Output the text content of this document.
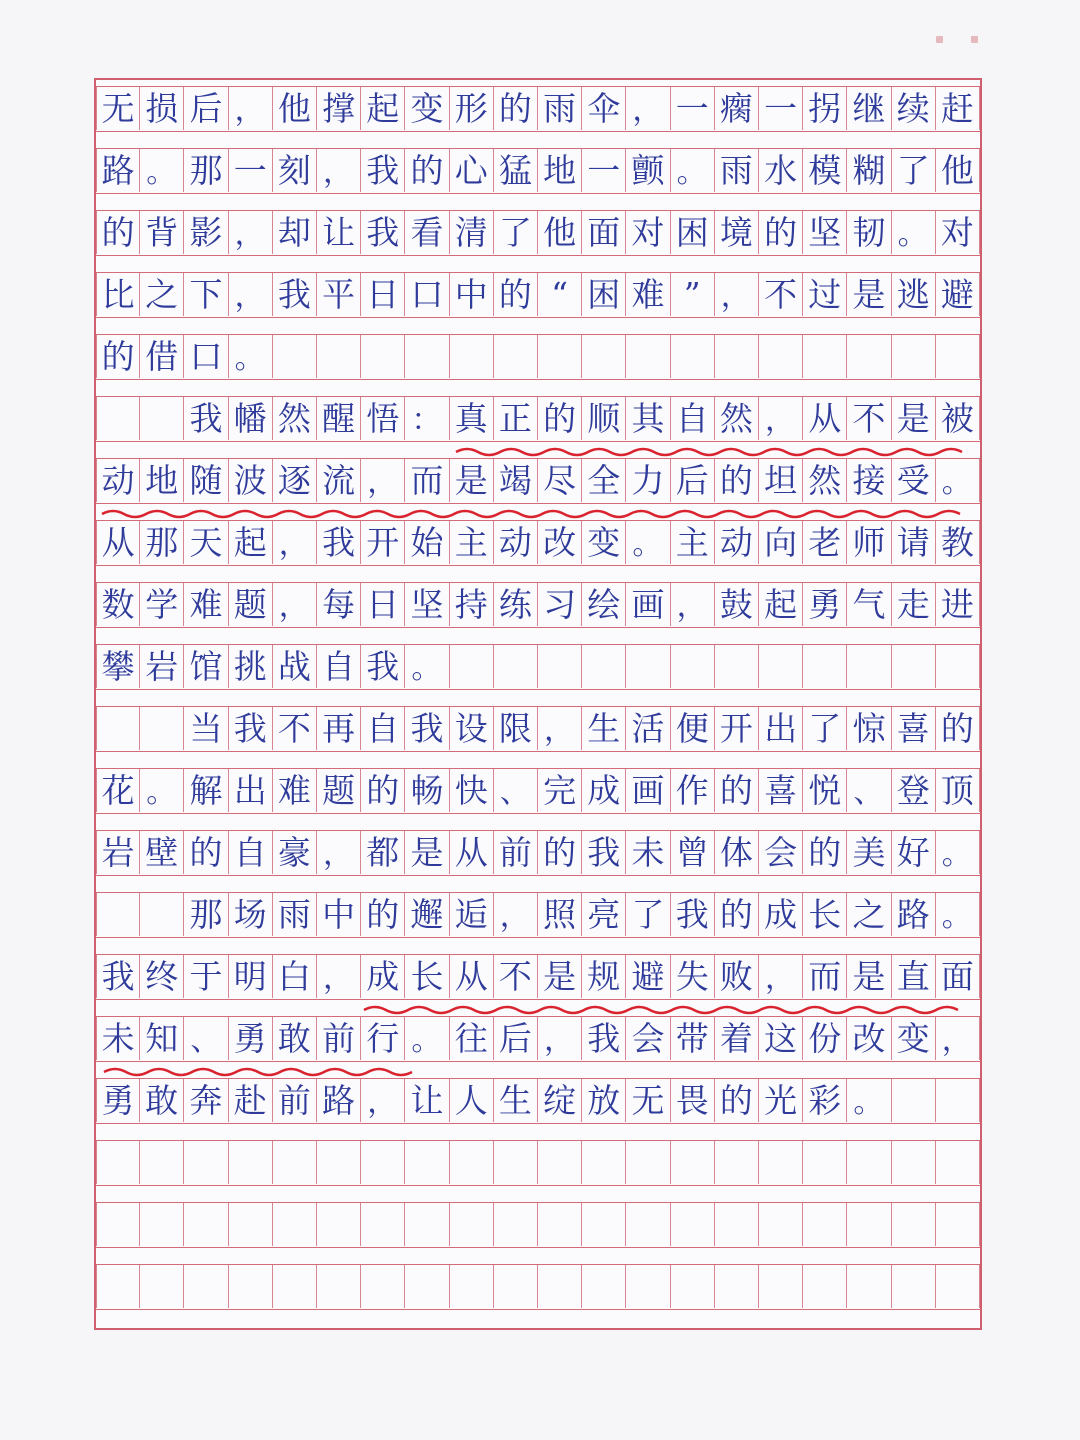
无 损 后 ， 他 撑 起 变 形 的 雨 伞 ， 一 瘸 一 拐 继 续 赶
路 。 那 一 刻 ， 我 的 心 猛 地 一 颤 。 雨 水 模 糊 了 他
的 背 影 ， 却 让 我 看 清 了 他 面 对 困 境 的 坚 韧 。 对
比 之 下 ， 我 平 日 口 中 的 “ 困 难 ” ， 不 过 是 逃 避
的 借 口 。
我 幡 然 醒 悟 ： 真 正 的 顺 其 自 然 ， 从 不 是 被
动 地 随 波 逐 流 ， 而 是 竭 尽 全 力 后 的 坦 然 接 受 。
从 那 天 起 ， 我 开 始 主 动 改 变 。 主 动 向 老 师 请 教
数 学 难 题 ， 每 日 坚 持 练 习 绘 画 ， 鼓 起 勇 气 走 进
攀 岩 馆 挑 战 自 我 。
当 我 不 再 自 我 设 限 ， 生 活 便 开 出 了 惊 喜 的
花 。 解 出 难 题 的 畅 快 、 完 成 画 作 的 喜 悦 、 登 顶
岩 壁 的 自 豪 ， 都 是 从 前 的 我 未 曾 体 会 的 美 好 。
那 场 雨 中 的 邂 逅 ， 照 亮 了 我 的 成 长 之 路 。
我 终 于 明 白 ， 成 长 从 不 是 规 避 失 败 ， 而 是 直 面
未 知 、 勇 敢 前 行 。 往 后 ， 我 会 带 着 这 份 改 变 ，
勇 敢 奔 赴 前 路 ， 让 人 生 绽 放 无 畏 的 光 彩 。
